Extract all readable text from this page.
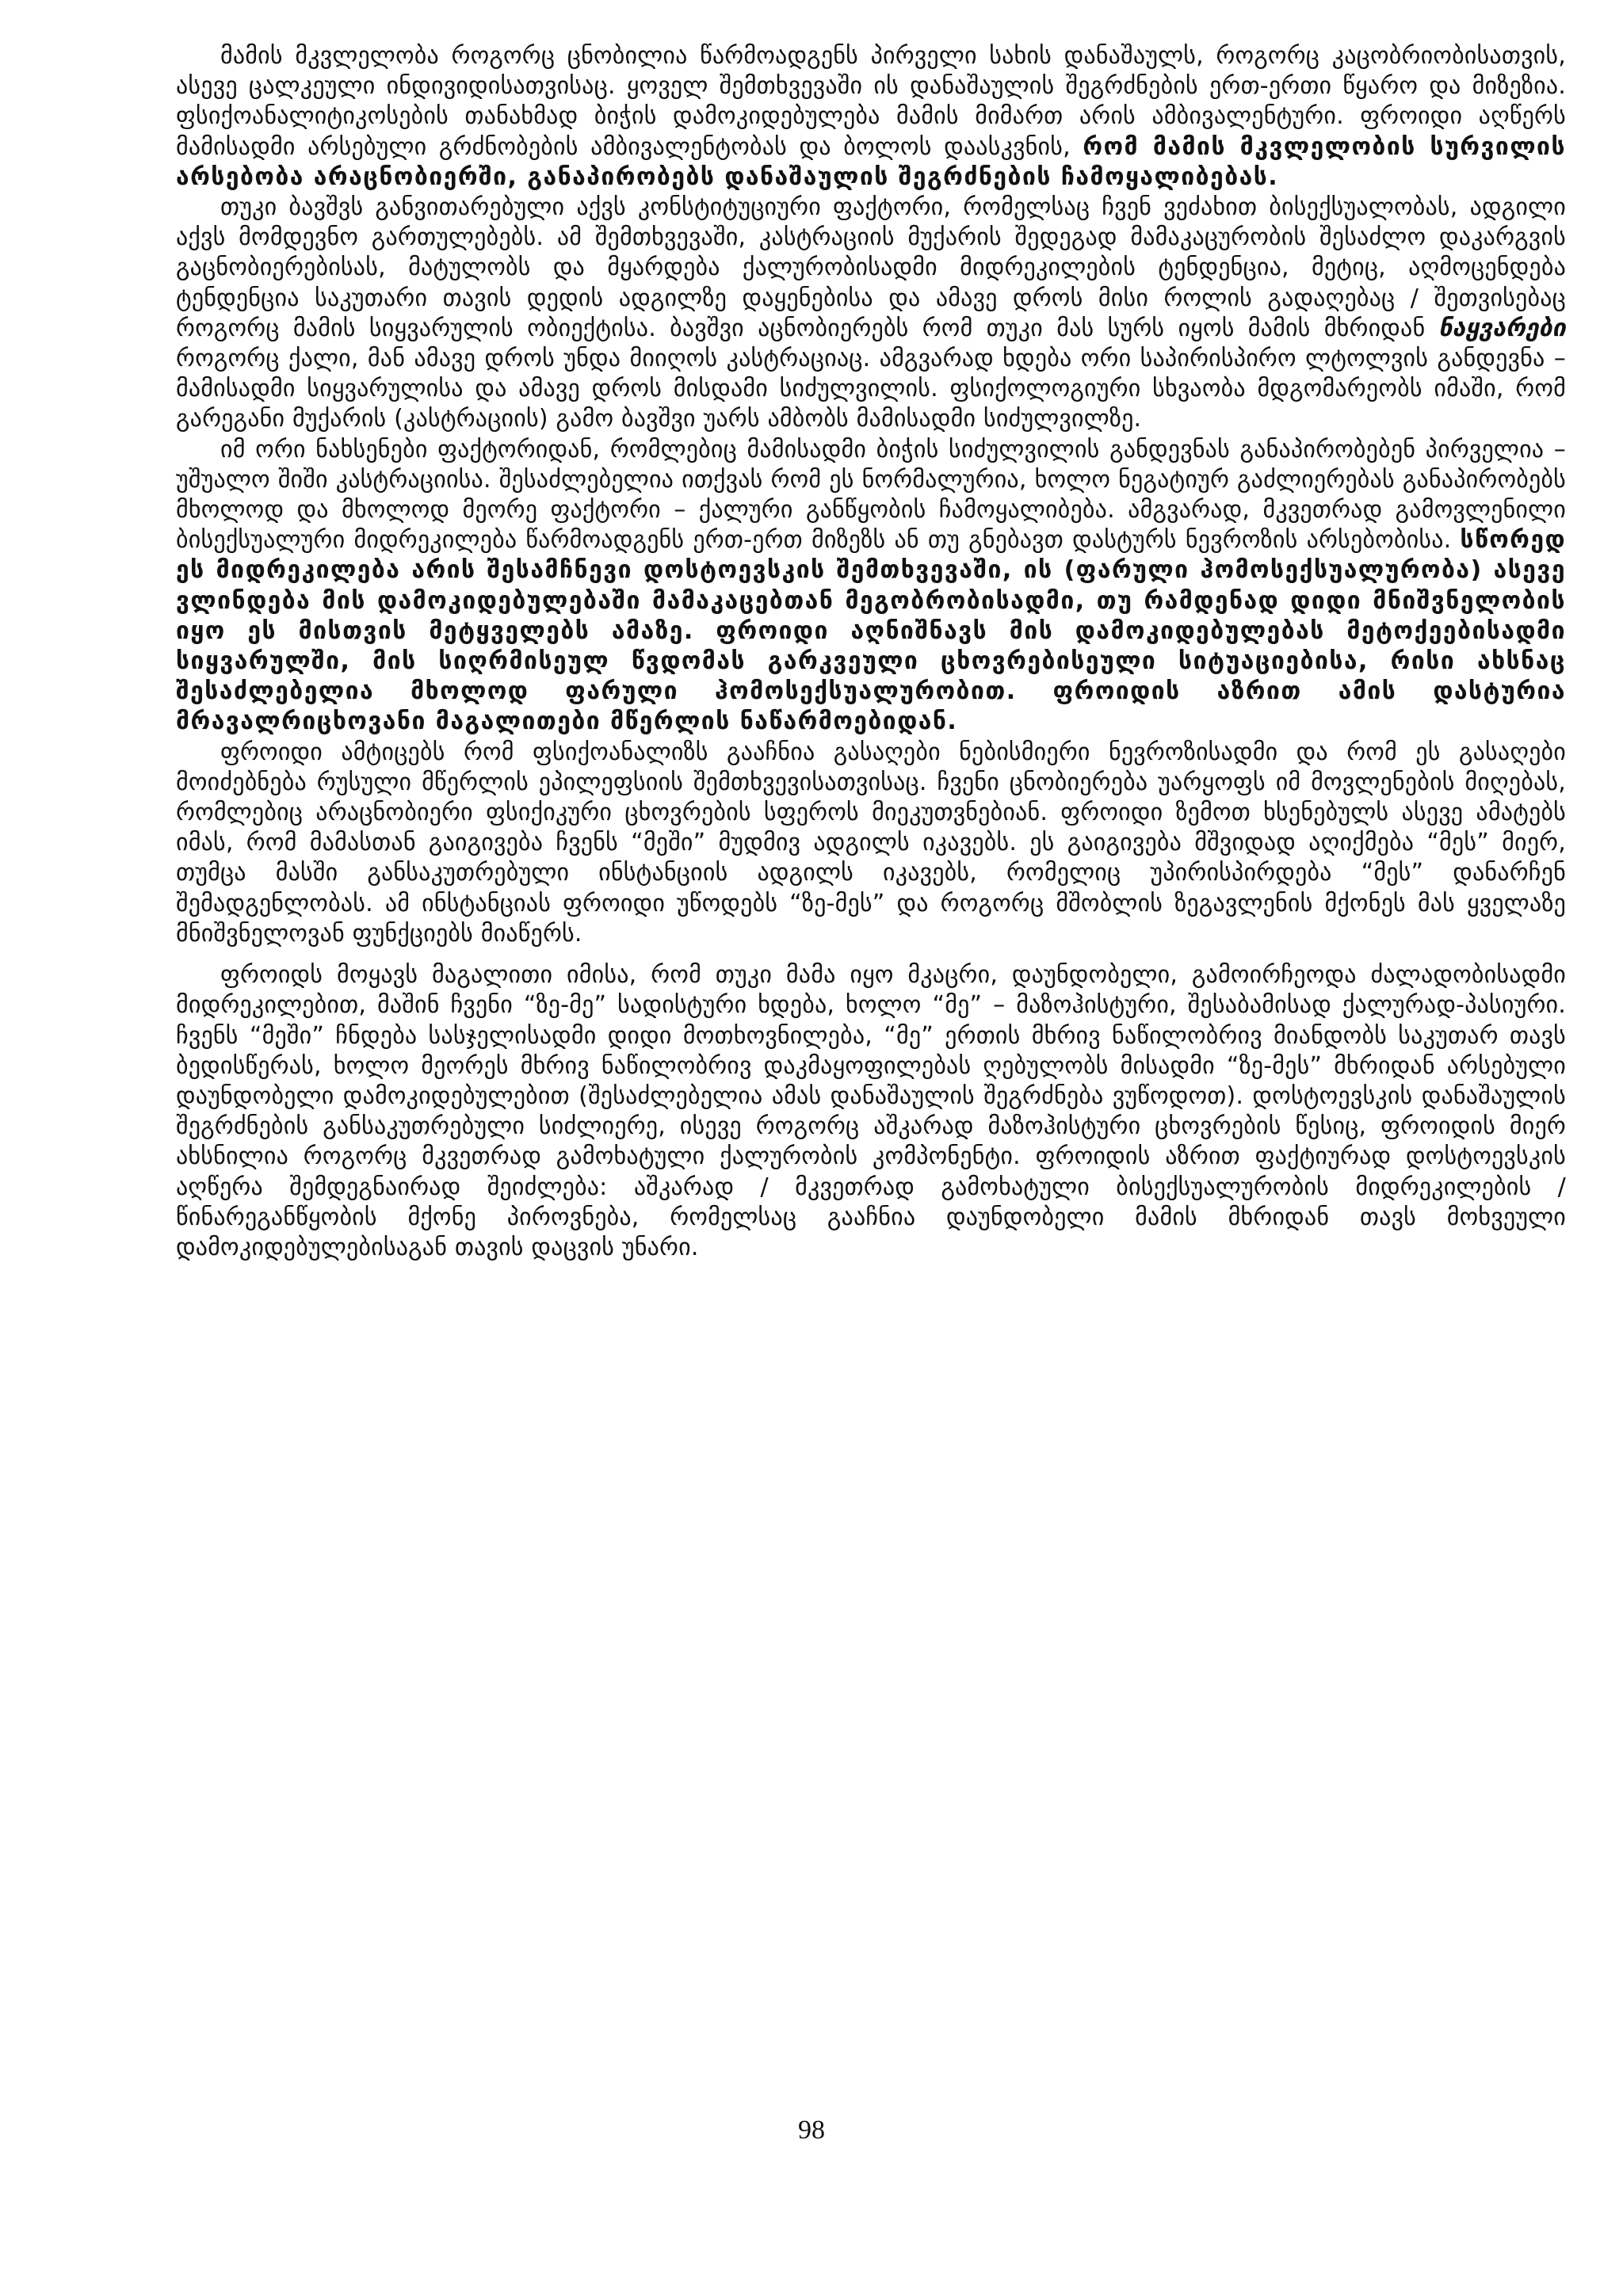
მამის მკვლელობა როგორც ცნობილია წარმოადგენს პირველი სახის დანაშაულს, როგორც კაცობრიობისათვის, ასევე ცალკეული ინდივიდისათვისაც. ყოველ შემთხვევაში ის დანაშაულის შეგრძნების ერთ-ერთი წყარო და მიზეზია. ფსიქოანალიტიკოსების თანახმად ბიჭის დამოკიდებულება მამის მიმართ არის ამბივალენტური. ფროიდი აღწერს მამისადმი არსებული გრძნობების ამბივალენტობას და ბოლოს დაასკვნის, რომ მამის მკვლელობის სურვილის არსებობა არაცნობიერში, განაპირობებს დანაშაულის შეგრძნების ჩამოყალიბებას.

თუკი ბავშვს განვითარებული აქვს კონსტიტუციური ფაქტორი, რომელსაც ჩვენ ვეძახით ბისექსუალობას, ადგილი აქვს მომდევნო გართულებებს. ამ შემთხვევაში, კასტრაციის მუქარის შედეგად მამაკაცურობის შესაძლო დაკარგვის გაცნობიერებისას, მატულობს და მყარდება ქალურობისადმი მიდრეკილების ტენდენცია, მეტიც, აღმოცენდება ტენდენცია საკუთარი თავის დედის ადგილზე დაყენებისა და ამავე დროს მისი როლის გადაღებაც / შეთვისებაც როგორც მამის სიყვარულის ობიექტისა. ბავშვი აცნობიერებს რომ თუკი მას სურს იყოს მამის მხრიდან ნაყვარები როგორც ქალი, მან ამავე დროს უნდა მიიღოს კასტრაციაც. ამგვარად ხდება ორი საპირისპირო ლტოლვის განდევნა – მამისადმი სიყვარულისა და ამავე დროს მისდამი სიძულვილის. ფსიქოლოგიური სხვაობა მდგომარეობს იმაში, რომ გარეგანი მუქარის (კასტრაციის) გამო ბავშვი უარს ამბობს მამისადმი სიძულვილზე.

იმ ორი ნახსენები ფაქტორიდან, რომლებიც მამისადმი ბიჭის სიძულვილის განდევნას განაპირობებენ პირველია – უშუალო შიში კასტრაციისა. შესაძლებელია ითქვას რომ ეს ნორმალურია, ხოლო ნეგატიურ გაძლიერებას განაპირობებს მხოლოდ და მხოლოდ მეორე ფაქტორი – ქალური განწყობის ჩამოყალიბება. ამგვარად, მკვეთრად გამოვლენილი ბისექსუალური მიდრეკილება წარმოადგენს ერთ-ერთ მიზეზს ან თუ გნებავთ დასტურს ნევროზის არსებობისა. სწორედ ეს მიდრეკილება არის შესამჩნევი დოსტოევსკის შემთხვევაში, ის (ფარული ჰომოსექსუალურობა) ასევე ვლინდება მის დამოკიდებულებაში მამაკაცებთან მეგობრობისადმი, თუ რამდენად დიდი მნიშვნელობის იყო ეს მისთვის მეტყველებს ამაზე. ფროიდი აღნიშნავს მის დამოკიდებულებას მეტოქეებისადმი სიყვარულში, მის სიღრმისეულ წვდომას გარკვეული ცხოვრებისეული სიტუაციებისა, რისი ახსნაც შესაძლებელია მხოლოდ ფარული ჰომოსექსუალურობით. ფროიდის აზრით ამის დასტურია მრავალრიცხოვანი მაგალითები მწერლის ნაწარმოებიდან.

ფროიდი ამტიცებს რომ ფსიქოანალიზს გააჩნია გასაღები ნებისმიერი ნევროზისადმი და რომ ეს გასაღები მოიძებნება რუსული მწერლის ეპილეფსიის შემთხვევისათვისაც. ჩვენი ცნობიერება უარყოფს იმ მოვლენების მიღებას, რომლებიც არაცნობიერი ფსიქიკური ცხოვრების სფეროს მიეკუთვნებიან. ფროიდი ზემოთ ხსენებულს ასევე ამატებს იმას, რომ მამასთან გაიგივება ჩვენს “მეში” მუდმივ ადგილს იკავებს. ეს გაიგივება მშვიდად აღიქმება “მეს” მიერ, თუმცა მასში განსაკუთრებული ინსტანციის ადგილს იკავებს, რომელიც უპირისპირდება “მეს” დანარჩენ შემადგენლობას. ამ ინსტანციას ფროიდი უწოდებს “ზე-მეს” და როგორც მშობლის ზეგავლენის მქონეს მას ყველაზე მნიშვნელოვან ფუნქციებს მიაწერს.

ფროიდს მოყავს მაგალითი იმისა, რომ თუკი მამა იყო მკაცრი, დაუნდობელი, გამოირჩეოდა ძალადობისადმი მიდრეკილებით, მაშინ ჩვენი “ზე-მე” სადისტური ხდება, ხოლო “მე” – მაზოჰისტური, შესაბამისად ქალურად-პასიური. ჩვენს “მეში” ჩნდება სასჯელისადმი დიდი მოთხოვნილება, “მე” ერთის მხრივ ნაწილობრივ მიანდობს საკუთარ თავს ბედისწერას, ხოლო მეორეს მხრივ ნაწილობრივ დაკმაყოფილებას ღებულობს მისადმი “ზე-მეს” მხრიდან არსებული დაუნდობელი დამოკიდებულებით (შესაძლებელია ამას დანაშაულის შეგრძნება ვუწოდოთ). დოსტოევსკის დანაშაულის შეგრძნების განსაკუთრებული სიძლიერე, ისევე როგორც აშკარად მაზოჰისტური ცხოვრების წესიც, ფროიდის მიერ ახსნილია როგორც მკვეთრად გამოხატული ქალურობის კომპონენტი. ფროიდის აზრით ფაქტიურად დოსტოევსკის აღწერა შემდეგნაირად შეიძლება: აშკარად / მკვეთრად გამოხატული ბისექსუალურობის მიდრეკილების / წინარეგანწყობის მქონე პიროვნება, რომელსაც გააჩნია დაუნდობელი მამის მხრიდან თავს მოხვეული დამოკიდებულებისაგან თავის დაცვის უნარი.

98
